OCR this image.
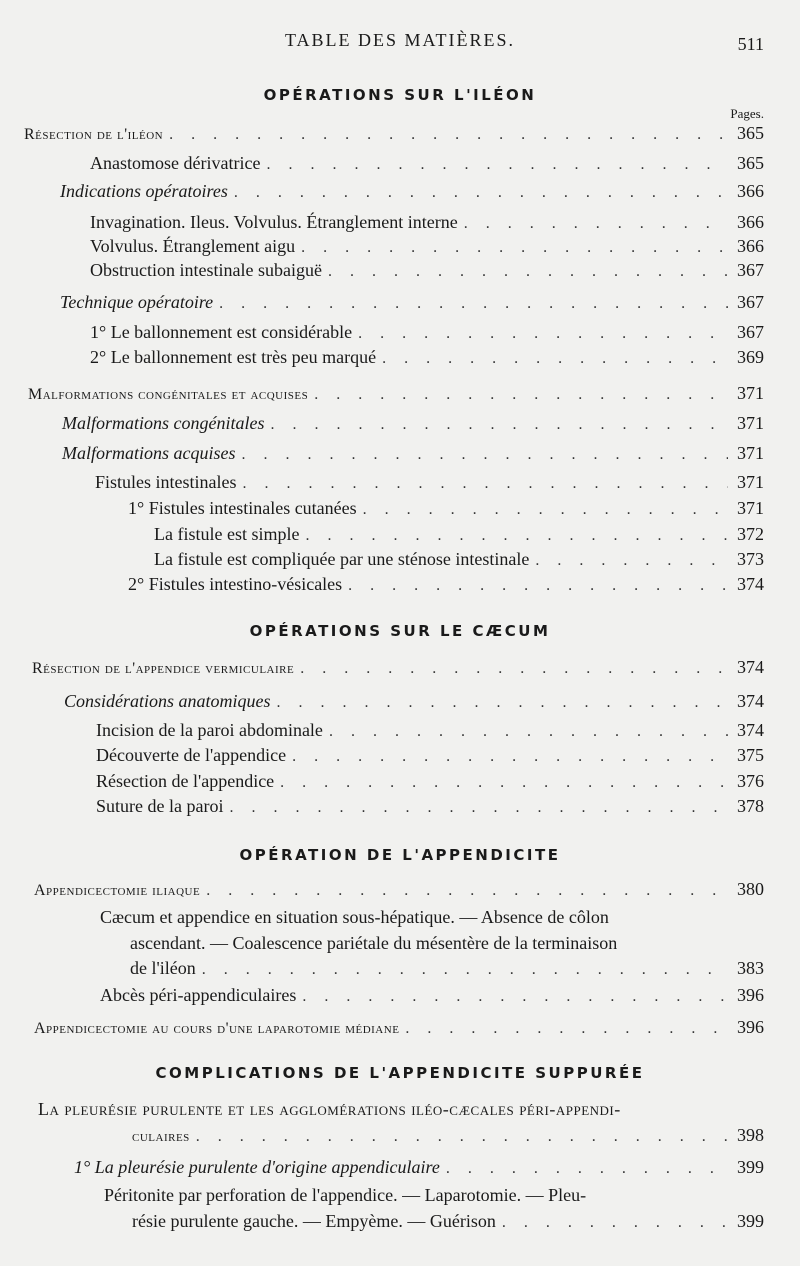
TABLE DES MATIÈRES.	511
OPÉRATIONS SUR L'ILÉON
Pages.
Résection de l'iléon . . .	365
Anastomose dérivatrice . . .	365
Indications opératoires . . .	366
Invagination. Ileus. Volvulus. Étranglement interne . . .	366
Volvulus. Étranglement aigu . . .	366
Obstruction intestinale subaiguë . . .	367
Technique opératoire . . .	367
1° Le ballonnement est considérable . . .	367
2° Le ballonnement est très peu marqué . . .	369
Malformations congénitales et acquises . . .	371
Malformations congénitales . . .	371
Malformations acquises . . .	371
Fistules intestinales . . .	371
1° Fistules intestinales cutanées . . .	371
La fistule est simple . . .	372
La fistule est compliquée par une sténose intestinale . . .	373
2° Fistules intestino-vésicales . . .	374
OPÉRATIONS SUR LE CÆCUM
Résection de l'appendice vermiculaire . . .	374
Considérations anatomiques . . .	374
Incision de la paroi abdominale . . .	374
Découverte de l'appendice . . .	375
Résection de l'appendice . . .	376
Suture de la paroi . . .	378
OPÉRATION DE L'APPENDICITE
Appendicectomie iliaque . . .	380
Cæcum et appendice en situation sous-hépatique. — Absence de côlon
ascendant. — Coalescence pariétale du mésentère de la terminaison
de l'iléon . . .	383
Abcès péri-appendiculaires . . .	396
Appendicectomie au cours d'une laparotomie médiane . . .	396
COMPLICATIONS DE L'APPENDICITE SUPPURÉE
La pleurésie purulente et les agglomérations iléo-cæcales péri-appendi-
culaires . . .	398
1° La pleurésie purulente d'origine appendiculaire . . .	399
Péritonite par perforation de l'appendice. — Laparotomie. — Pleu-
résie purulente gauche. — Empyème. — Guérison . . .	399
